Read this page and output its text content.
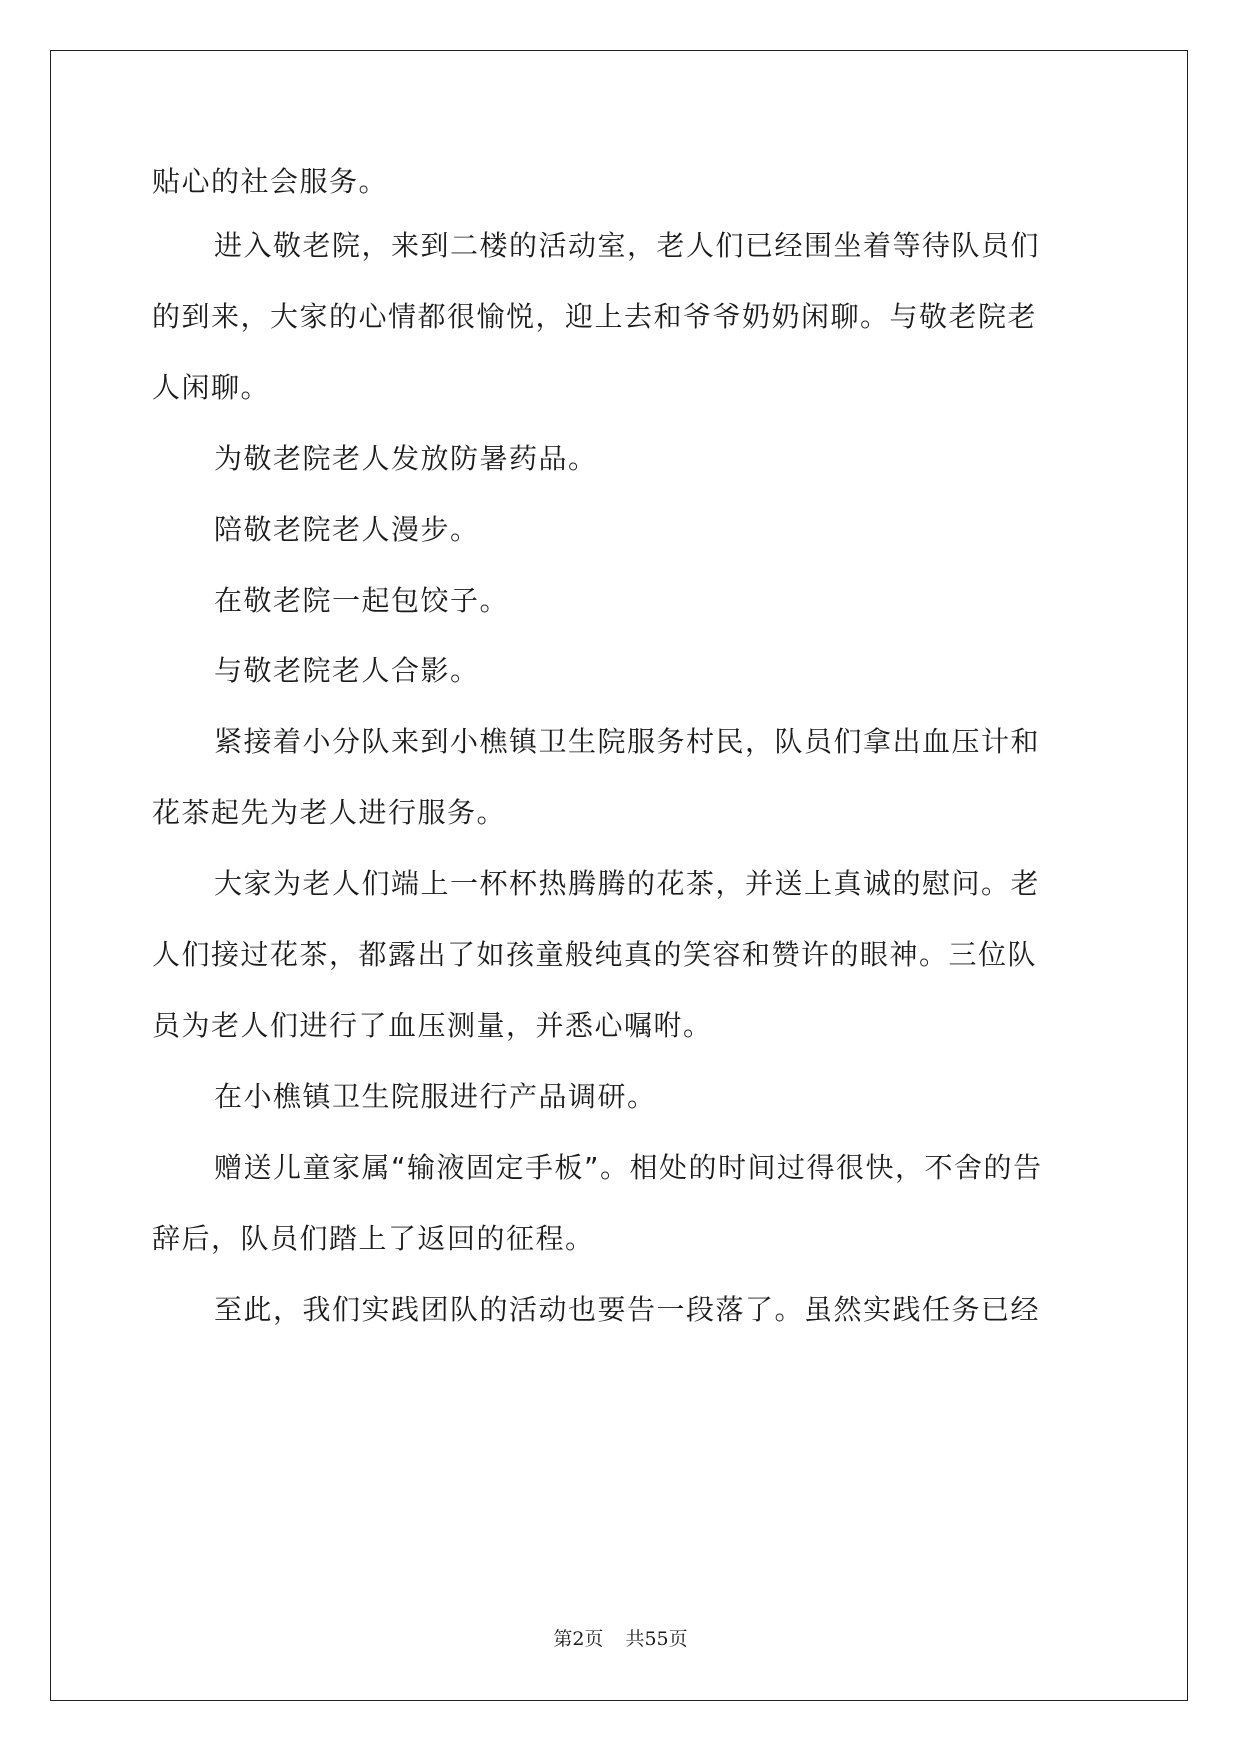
贴心的社会服务。
进入敬老院，来到二楼的活动室，老人们已经围坐着等待队员们
的到来，大家的心情都很愉悦，迎上去和爷爷奶奶闲聊。与敬老院老
人闲聊。
为敬老院老人发放防暑药品。
陪敬老院老人漫步。
在敬老院一起包饺子。
与敬老院老人合影。
紧接着小分队来到小樵镇卫生院服务村民，队员们拿出血压计和
花茶起先为老人进行服务。
大家为老人们端上一杯杯热腾腾的花茶，并送上真诚的慰问。老
人们接过花茶，都露出了如孩童般纯真的笑容和赞许的眼神。三位队
员为老人们进行了血压测量，并悉心嘱咐。
在小樵镇卫生院服进行产品调研。
赠送儿童家属“输液固定手板”。相处的时间过得很快，不舍的告
辞后，队员们踏上了返回的征程。
至此，我们实践团队的活动也要告一段落了。虽然实践任务已经
第2页 共55页
